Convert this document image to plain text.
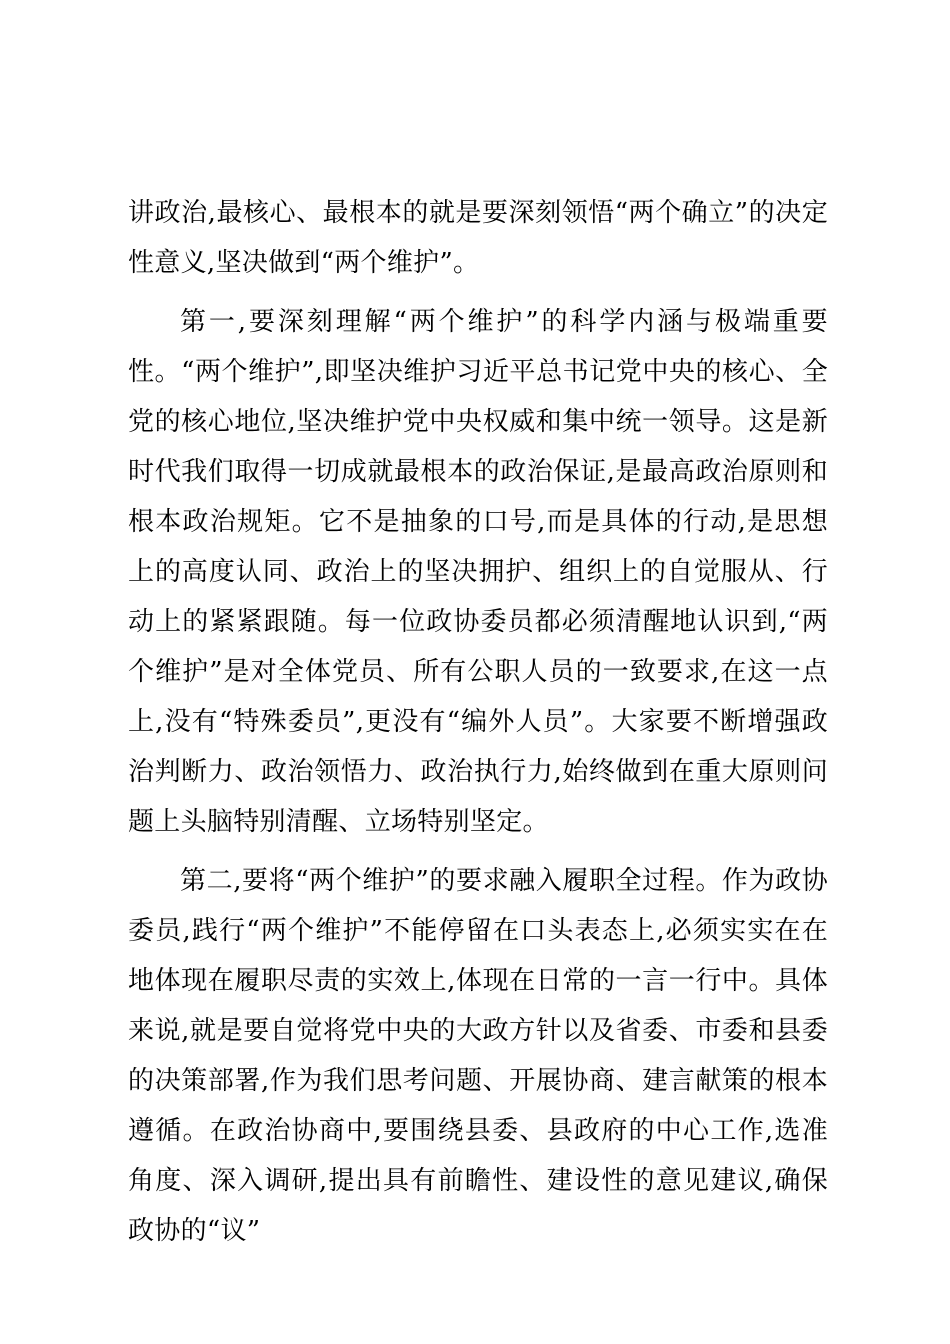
讲政治,最核心、最根本的就是要深刻领悟“两个确立”的决定性意义,坚决做到“两个维护”。

第一,要深刻理解“两个维护”的科学内涵与极端重要性。“两个维护”,即坚决维护习近平总书记党中央的核心、全党的核心地位,坚决维护党中央权威和集中统一领导。这是新时代我们取得一切成就最根本的政治保证,是最高政治原则和根本政治规矩。它不是抽象的口号,而是具体的行动,是思想上的高度认同、政治上的坚决拥护、组织上的自觉服从、行动上的紧紧跟随。每一位政协委员都必须清醒地认识到,“两个维护”是对全体党员、所有公职人员的一致要求,在这一点上,没有“特殊委员”,更没有“编外人员”。大家要不断增强政治判断力、政治领悟力、政治执行力,始终做到在重大原则问题上头脑特别清醒、立场特别坚定。

第二,要将“两个维护”的要求融入履职全过程。作为政协委员,践行“两个维护”不能停留在口头表态上,必须实实在在地体现在履职尽责的实效上,体现在日常的一言一行中。具体来说,就是要自觉将党中央的大政方针以及省委、市委和县委的决策部署,作为我们思考问题、开展协商、建言献策的根本遵循。在政治协商中,要围绕县委、县政府的中心工作,选准角度、深入调研,提出具有前瞻性、建设性的意见建议,确保政协的“议”
